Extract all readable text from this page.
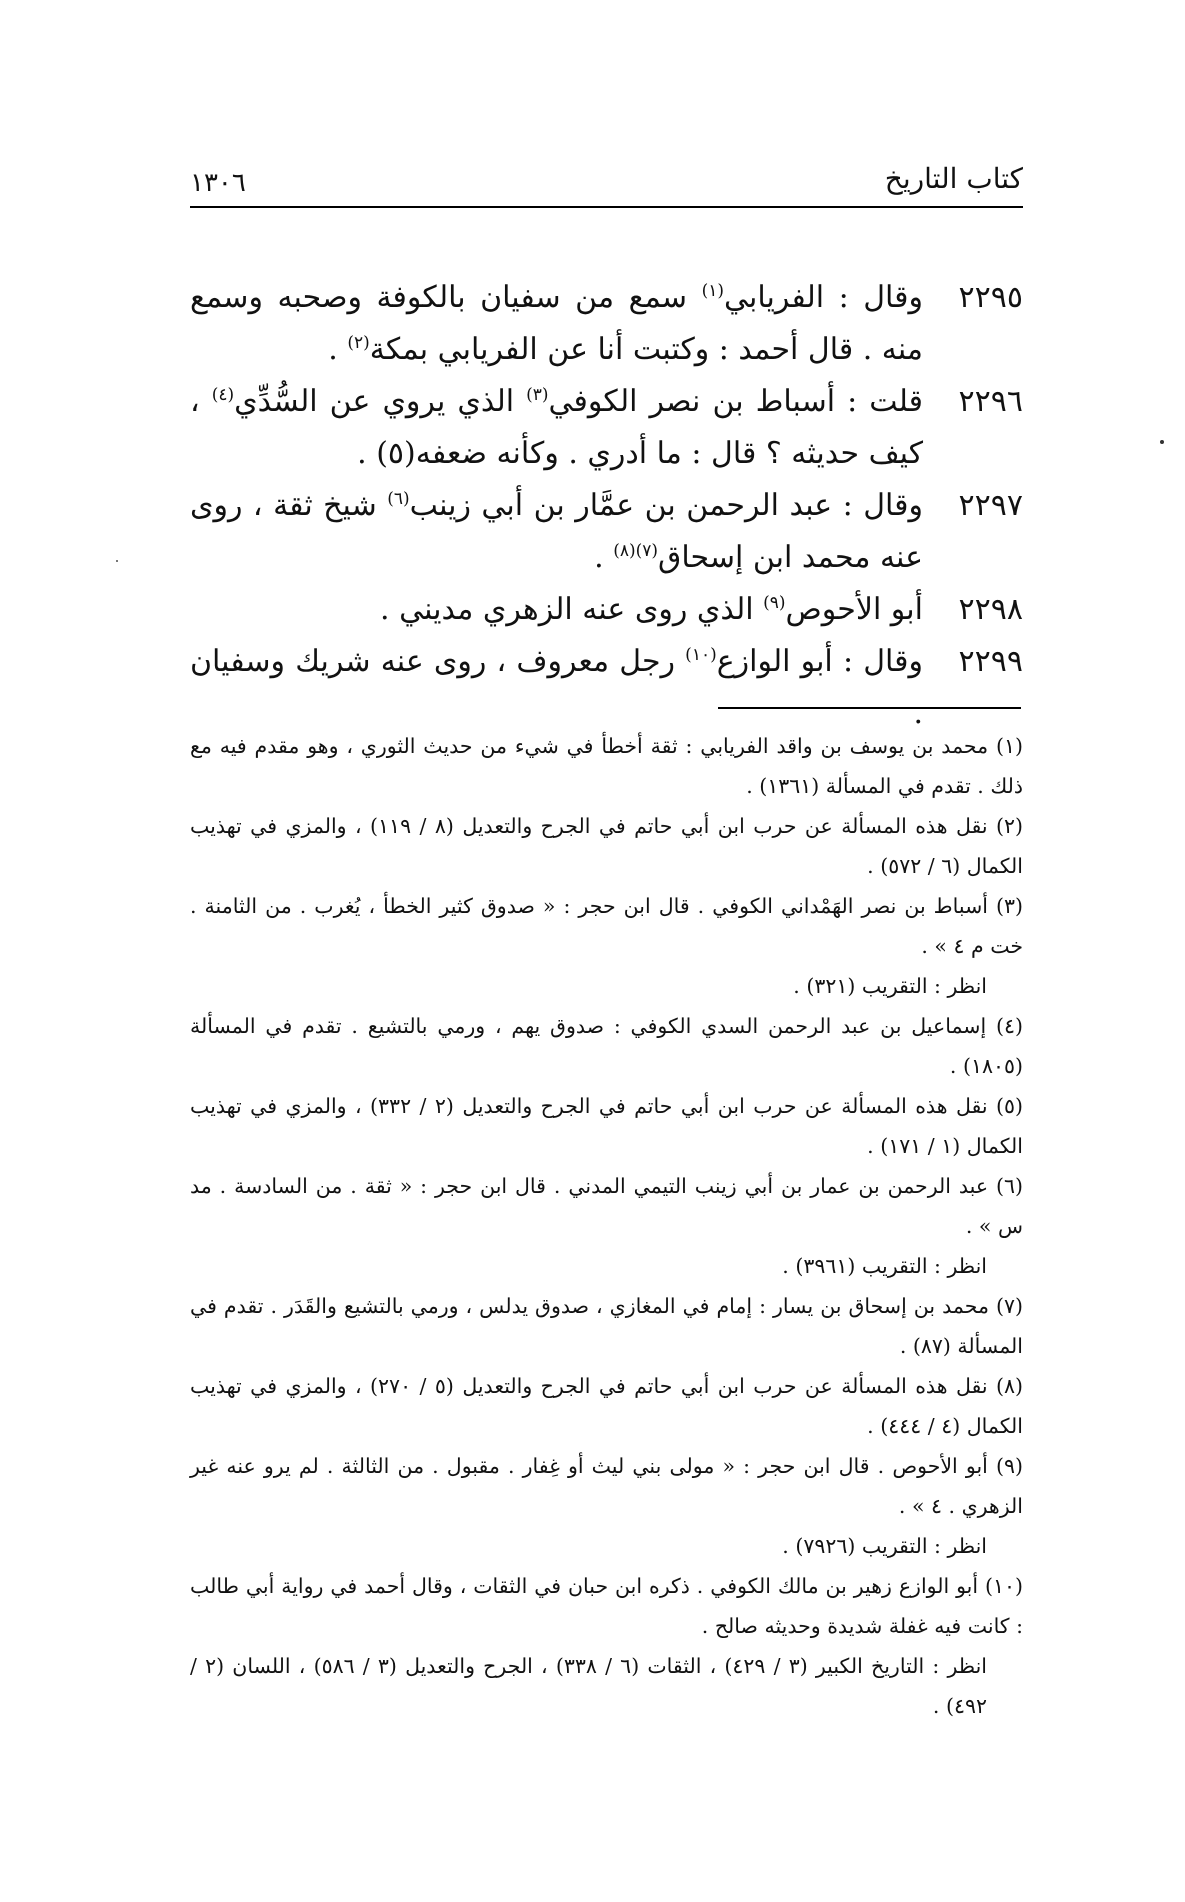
كتاب التاريخ
١٣٠٦
٢٢٩٥
وقال : الفريابي$^{(١)}$ سمع من سفيان بالكوفة وصحبه وسمع منه . قال أحمد : وكتبت أنا عن الفريابي بمكة$^{(٢)}$ .
٢٢٩٦
قلت : أسباط بن نصر الكوفي$^{(٣)}$ الذي يروي عن السُّدِّي$^{(٤)}$ ، كيف حديثه ؟ قال : ما أدري . وكأنه ضعفه(٥) .
٢٢٩٧
وقال : عبد الرحمن بن عمَّار بن أبي زينب$^{(٦)}$ شيخ ثقة ، روى عنه محمد ابن إسحاق$^{(٧)(٨)}$ .
٢٢٩٨
أبو الأحوص$^{(٩)}$ الذي روى عنه الزهري مديني .
٢٢٩٩
وقال : أبو الوازع$^{(١٠)}$ رجل معروف ، روى عنه شريك وسفيان .

(١) محمد بن يوسف بن واقد الفريابي : ثقة أخطأ في شيء من حديث الثوري ، وهو مقدم فيه مع ذلك . تقدم في المسألة (١٣٦١) .

(٢) نقل هذه المسألة عن حرب ابن أبي حاتم في الجرح والتعديل (٨ / ١١٩) ، والمزي في تهذيب الكمال (٦ / ٥٧٢) .

(٣) أسباط بن نصر الهَمْداني الكوفي . قال ابن حجر : « صدوق كثير الخطأ ، يُغرب . من الثامنة . خت م ٤ » .

انظر : التقريب (٣٢١) .

(٤) إسماعيل بن عبد الرحمن السدي الكوفي : صدوق يهم ، ورمي بالتشيع . تقدم في المسألة (١٨٠٥) .

(٥) نقل هذه المسألة عن حرب ابن أبي حاتم في الجرح والتعديل (٢ / ٣٣٢) ، والمزي في تهذيب الكمال (١ / ١٧١) .

(٦) عبد الرحمن بن عمار بن أبي زينب التيمي المدني . قال ابن حجر : « ثقة . من السادسة . مد س » .

انظر : التقريب (٣٩٦١) .

(٧) محمد بن إسحاق بن يسار : إمام في المغازي ، صدوق يدلس ، ورمي بالتشيع والقَدَر . تقدم في المسألة (٨٧) .

(٨) نقل هذه المسألة عن حرب ابن أبي حاتم في الجرح والتعديل (٥ / ٢٧٠) ، والمزي في تهذيب الكمال (٤ / ٤٤٤) .

(٩) أبو الأحوص . قال ابن حجر : « مولى بني ليث أو غِفار . مقبول . من الثالثة . لم يرو عنه غير الزهري . ٤ » .

انظر : التقريب (٧٩٢٦) .

(١٠) أبو الوازع زهير بن مالك الكوفي . ذكره ابن حبان في الثقات ، وقال أحمد في رواية أبي طالب : كانت فيه غفلة شديدة وحديثه صالح .

انظر : التاريخ الكبير (٣ / ٤٢٩) ، الثقات (٦ / ٣٣٨) ، الجرح والتعديل (٣ / ٥٨٦) ، اللسان (٢ / ٤٩٢) .
